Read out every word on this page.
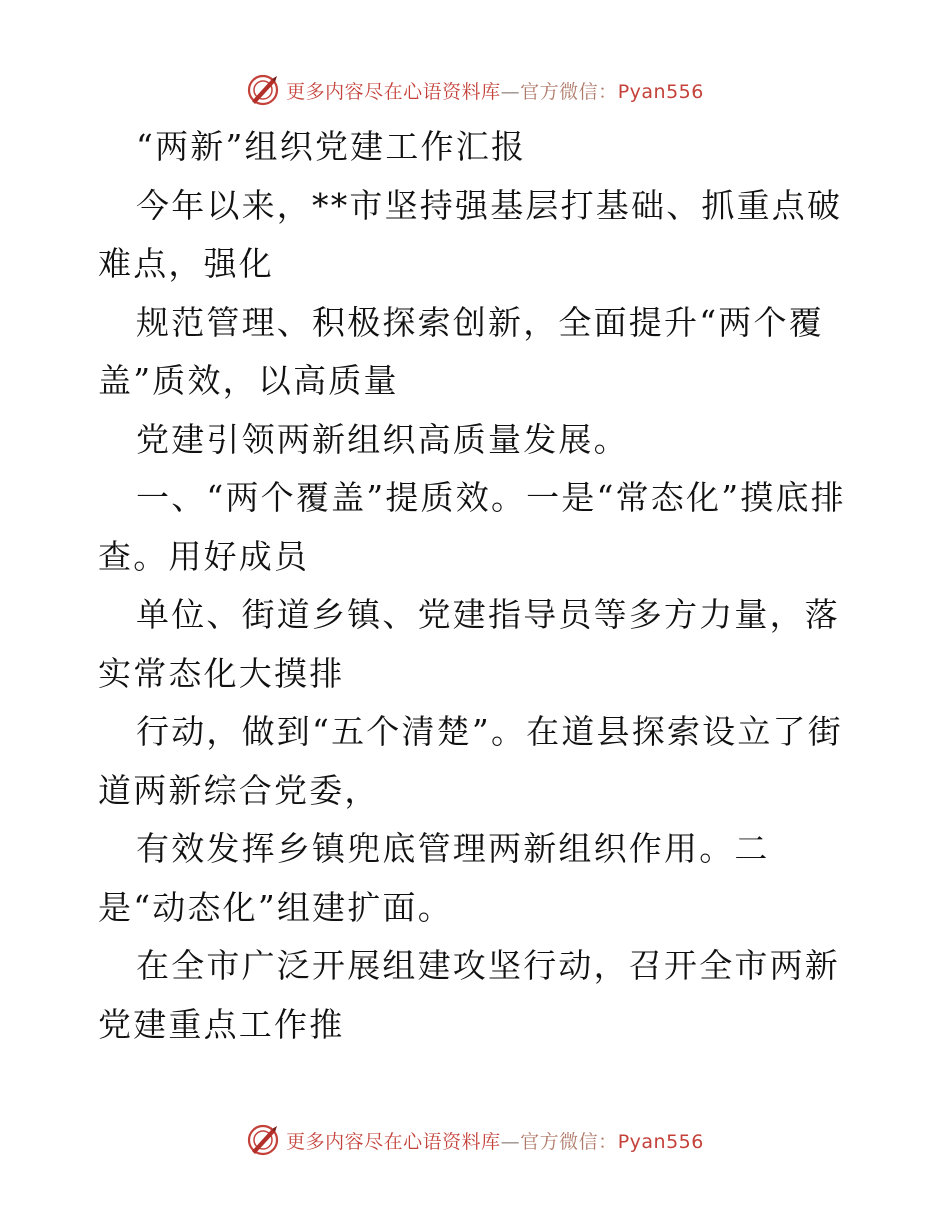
更多内容尽在心语资料库—官方微信：Pyan556

“两新”组织党建工作汇报

今年以来，**市坚持强基层打基础、抓重点破难点，强化

规范管理、积极探索创新，全面提升“两个覆盖”质效，以高质量

党建引领两新组织高质量发展。

一、“两个覆盖”提质效。一是“常态化”摸底排查。用好成员

单位、街道乡镇、党建指导员等多方力量，落实常态化大摸排

行动，做到“五个清楚”。在道县探索设立了街道两新综合党委，

有效发挥乡镇兜底管理两新组织作用。二是“动态化”组建扩面。

在全市广泛开展组建攻坚行动，召开全市两新党建重点工作推

更多内容尽在心语资料库—官方微信：Pyan556
